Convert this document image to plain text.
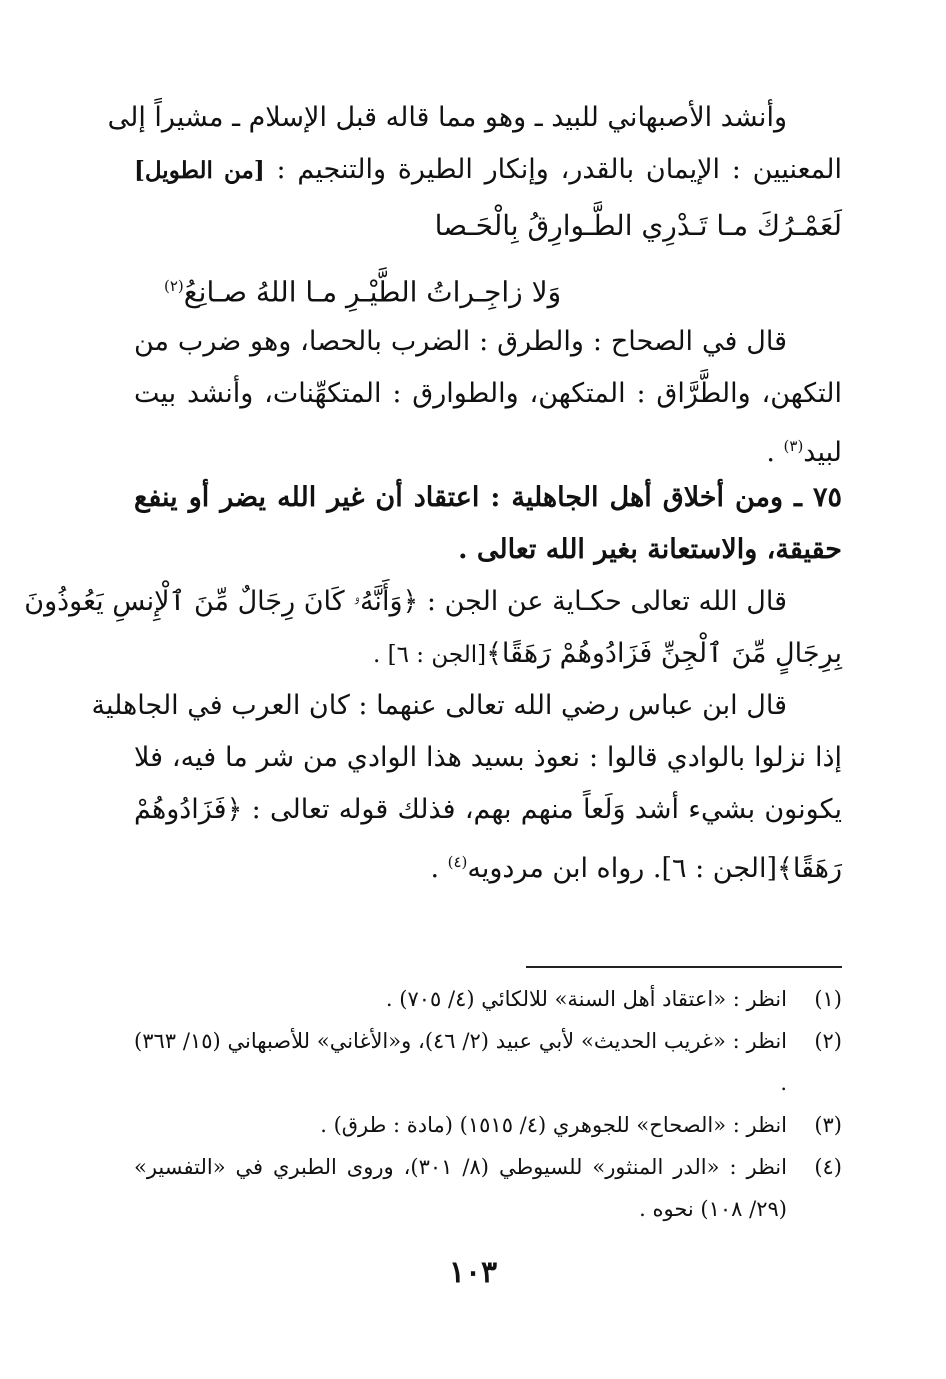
وأنشد الأصبهاني للبيد ـ وهو مما قاله قبل الإسلام ـ مشيراً إلى
المعنيين : الإيمان بالقدر، وإنكار الطيرة والتنجيم : [من الطويل]
لَعَمْـرُكَ مـا تَـدْرِي الطَّـوارِقُ بِالْحَـصا
وَلا زاجِـراتُ الطَّيْـرِ مـا اللهُ صـانِعُ$^{(٢)}$
قال في الصحاح : والطرق : الضرب بالحصا، وهو ضرب من
التكهن، والطَّرَّاق : المتكهن، والطوارق : المتكهِّنات، وأنشد بيت
لبيد$^{(٣)}$ .
٧٥ ـ ومن أخلاق أهل الجاهلية : اعتقاد أن غير الله يضر أو ينفع
حقيقة، والاستعانة بغير الله تعالى .
قال الله تعالى حكـاية عن الجن : ﴿وَأَنَّهُۥ كَانَ رِجَالٌ مِّنَ ٱلْإِنسِ يَعُوذُونَ
بِرِجَالٍ مِّنَ ٱلْجِنِّ فَزَادُوهُمْ رَهَقًا﴾[الجن : ٦] .
قال ابن عباس رضي الله تعالى عنهما : كان العرب في الجاهلية
إذا نزلوا بالوادي قالوا : نعوذ بسيد هذا الوادي من شر ما فيه، فلا
يكونون بشيء أشد وَلَعاً منهم بهم، فذلك قوله تعالى : ﴿فَزَادُوهُمْ
رَهَقًا﴾[الجن : ٦]. رواه ابن مردويه$^{(٤)}$ .
(١)
انظر : «اعتقاد أهل السنة» للالكائي (٤/ ٧٠٥) .
(٢)
انظر : «غريب الحديث» لأبي عبيد (٢/ ٤٦)، و«الأغاني» للأصبهاني (١٥/ ٣٦٣) .
(٣)
انظر : «الصحاح» للجوهري (٤/ ١٥١٥) (مادة : طرق) .
(٤)
انظر : «الدر المنثور» للسيوطي (٨/ ٣٠١)، وروى الطبري في «التفسير» (٢٩/ ١٠٨) نحوه .
١٠٣
